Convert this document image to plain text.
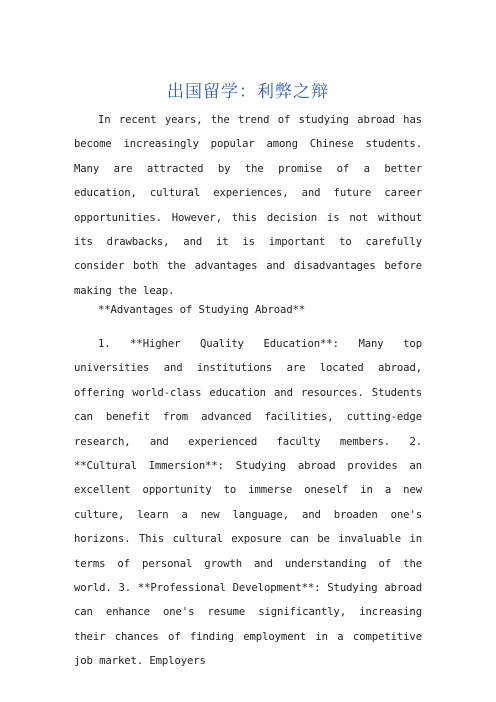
出国留学：利弊之辩
In recent years, the trend of studying abroad has become increasingly popular among Chinese students. Many are attracted by the promise of a better education, cultural experiences, and future career opportunities. However, this decision is not without its drawbacks, and it is important to carefully consider both the advantages and disadvantages before making the leap.
**Advantages of Studying Abroad**
1. **Higher Quality Education**: Many top universities and institutions are located abroad, offering world-class education and resources. Students can benefit from advanced facilities, cutting-edge research, and experienced faculty members. 2. **Cultural Immersion**: Studying abroad provides an excellent opportunity to immerse oneself in a new culture, learn a new language, and broaden one's horizons. This cultural exposure can be invaluable in terms of personal growth and understanding of the world. 3. **Professional Development**: Studying abroad can enhance one's resume significantly, increasing their chances of finding employment in a competitive job market. Employers
